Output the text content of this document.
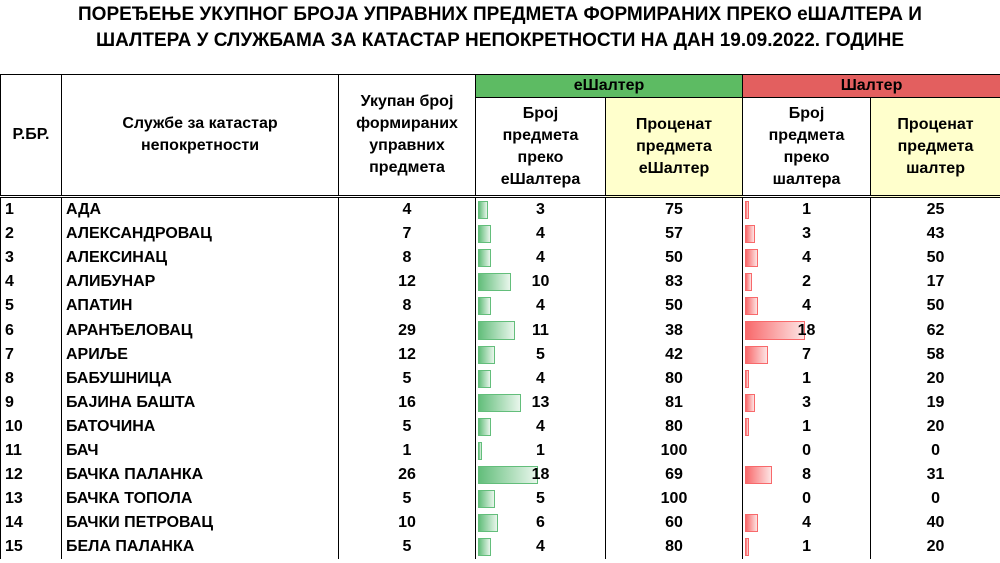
ПОРЕЂЕЊЕ УКУПНОГ БРОЈА УПРАВНИХ ПРЕДМЕТА ФОРМИРАНИХ ПРЕКО еШАЛТЕРА И
ШАЛТЕРА У СЛУЖБАМА ЗА КАТАСТАР НЕПОКРЕТНОСТИ НА ДАН 19.09.2022. ГОДИНЕ
Р.БР.	Службе за катастар непокретности	Укупан број формираних управних предмета	еШалтер		Шалтер	

			Број предмета преко еШалтера	Проценат предмета еШалтер	Број предмета преко шалтера	Проценат предмета шалтер

1	АДА	4	3	75	1	25
2	АЛЕКСАНДРОВАЦ	7	4	57	3	43
3	АЛЕКСИНАЦ	8	4	50	4	50
4	АЛИБУНАР	12	10	83	2	17
5	АПАТИН	8	4	50	4	50
6	АРАНЂЕЛОВАЦ	29	11	38	18	62
7	АРИЉЕ	12	5	42	7	58
8	БАБУШНИЦА	5	4	80	1	20
9	БАЈИНА БАШТА	16	13	81	3	19
10	БАТОЧИНА	5	4	80	1	20
11	БАЧ	1	1	100	0	0
12	БАЧКА ПАЛАНКА	26	18	69	8	31
13	БАЧКА ТОПОЛА	5	5	100	0	0
14	БАЧКИ ПЕТРОВАЦ	10	6	60	4	40
15	БЕЛА ПАЛАНКА	5	4	80	1	20
